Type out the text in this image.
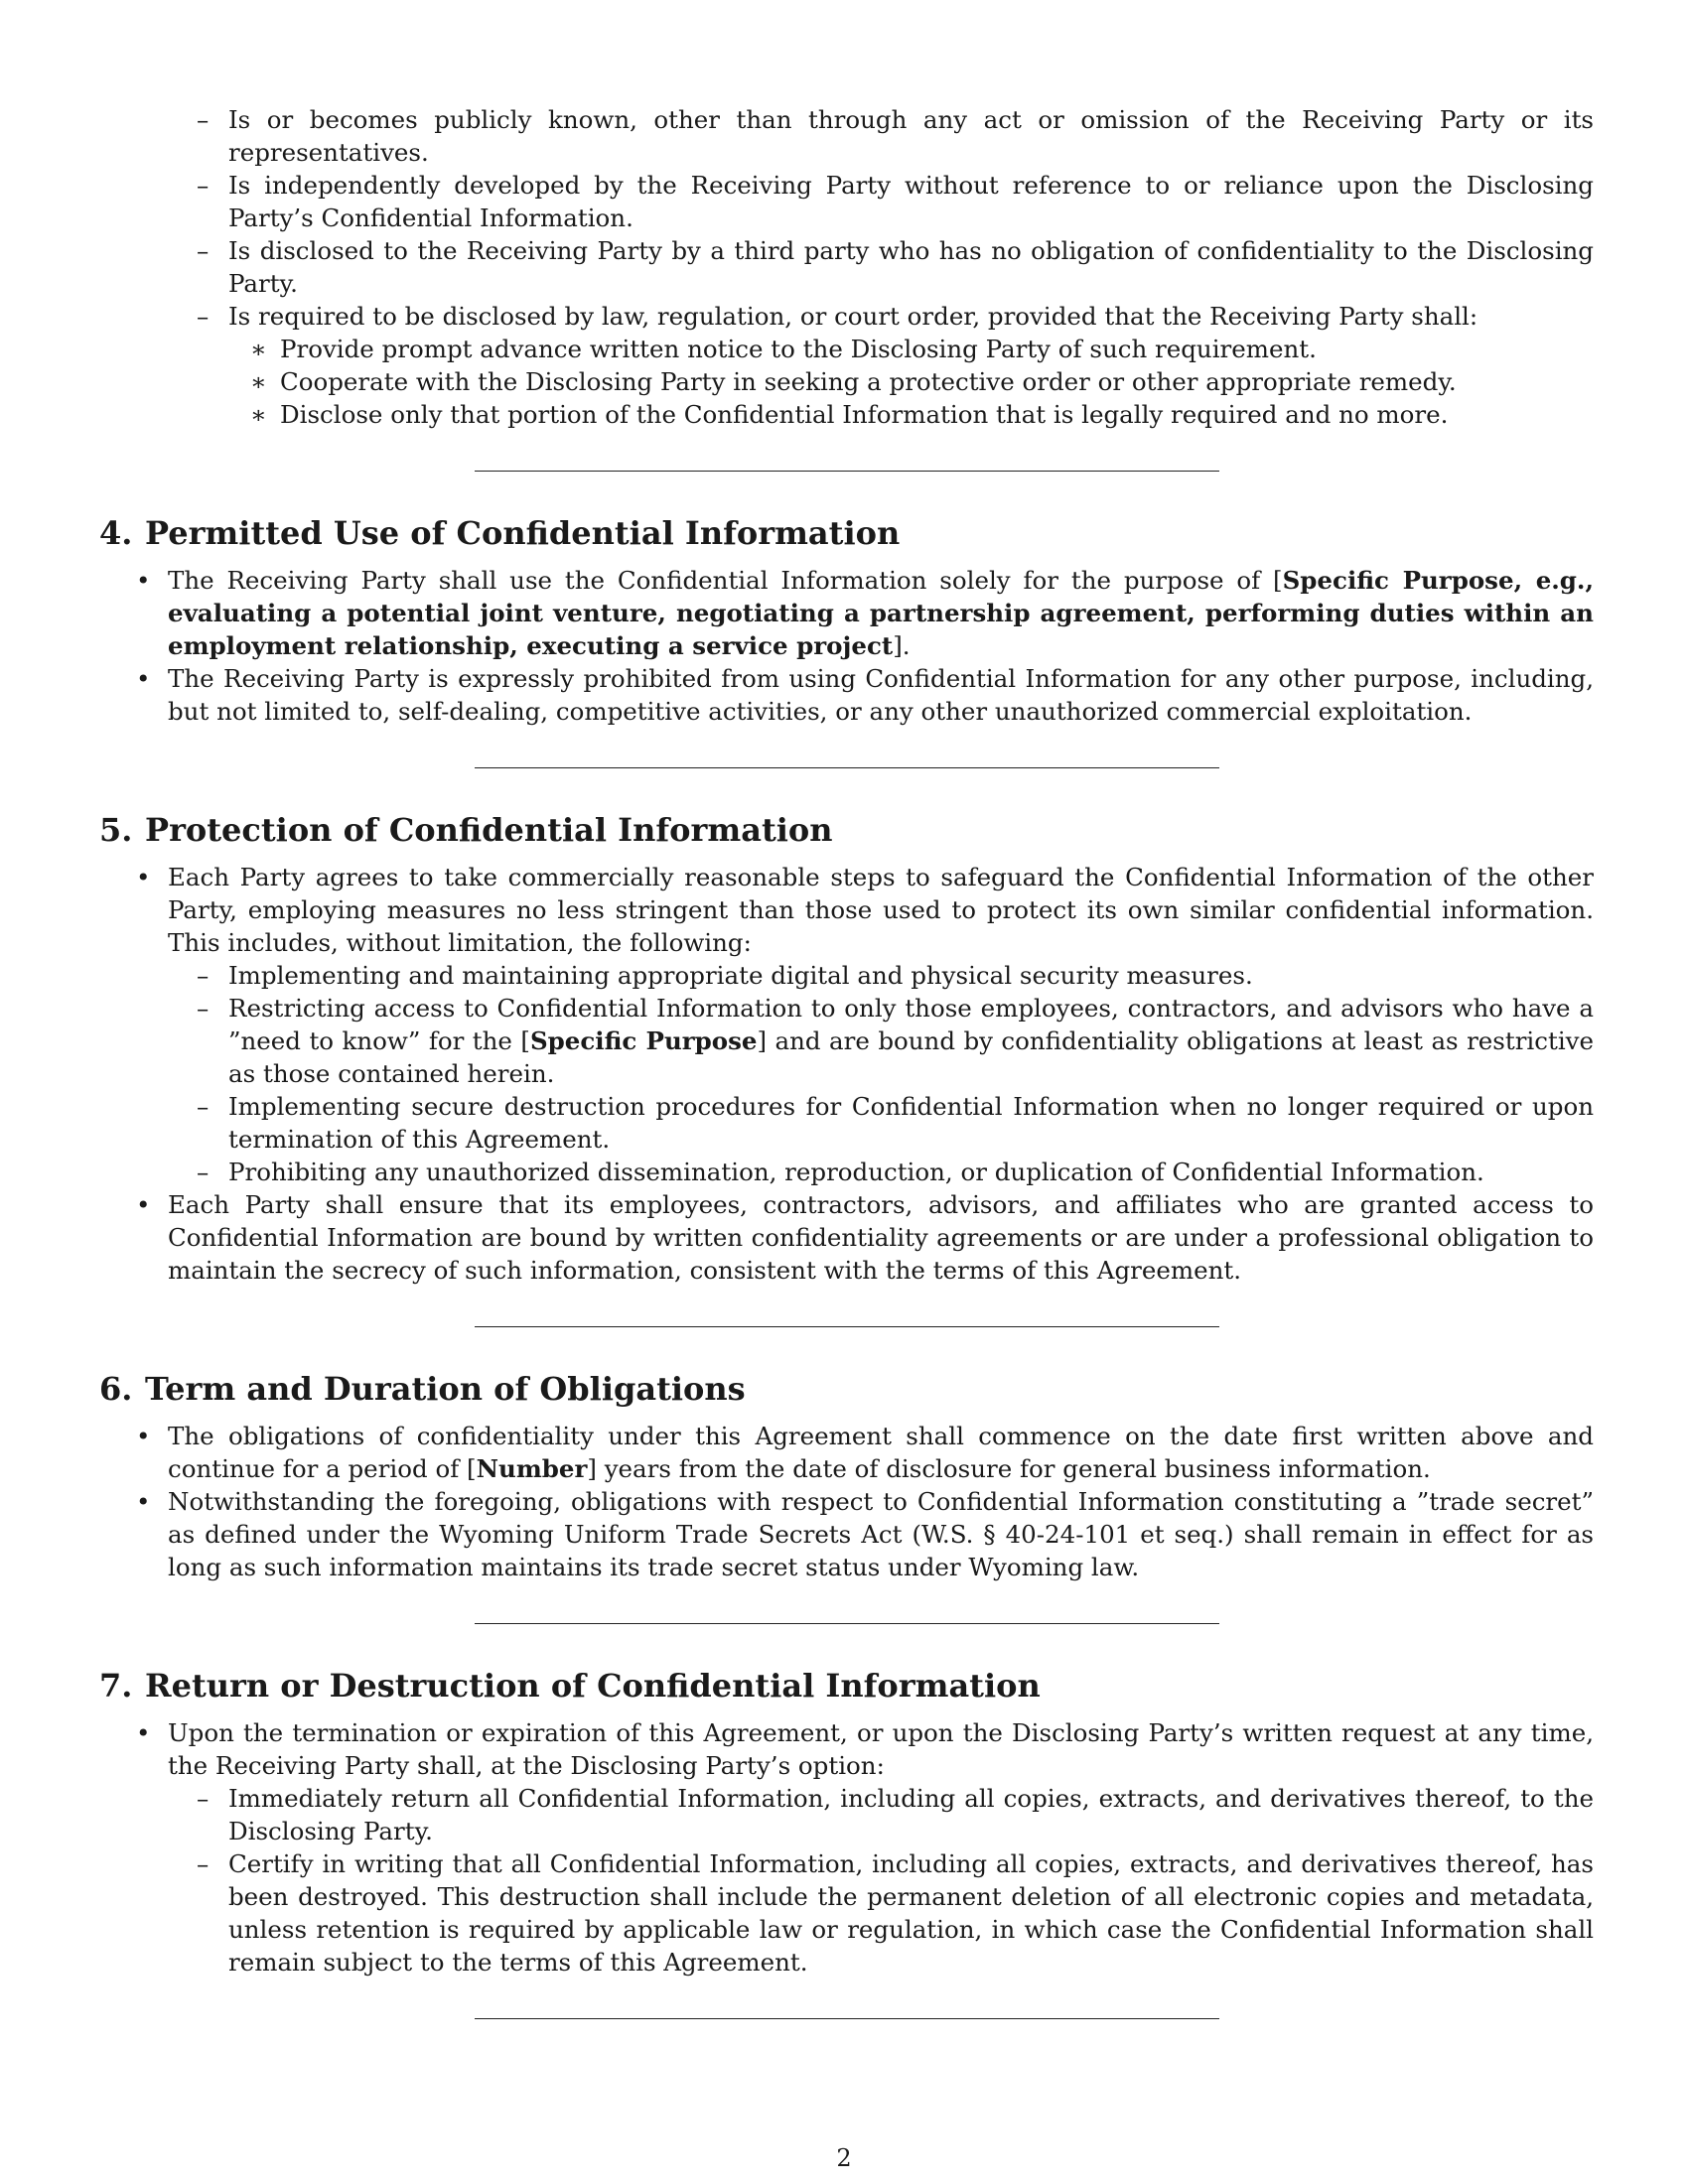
– Is or becomes publicly known, other than through any act or omission of the Receiving Party or its representatives.
– Is independently developed by the Receiving Party without reference to or reliance upon the Disclosing Party’s Confidential Information.
– Is disclosed to the Receiving Party by a third party who has no obligation of confidentiality to the Disclosing Party.
– Is required to be disclosed by law, regulation, or court order, provided that the Receiving Party shall:
∗ Provide prompt advance written notice to the Disclosing Party of such requirement.
∗ Cooperate with the Disclosing Party in seeking a protective order or other appropriate remedy.
∗ Disclose only that portion of the Confidential Information that is legally required and no more.
4. Permitted Use of Confidential Information
• The Receiving Party shall use the Confidential Information solely for the purpose of [Specific Purpose, e.g., evaluating a potential joint venture, negotiating a partnership agreement, performing duties within an employment relationship, executing a service project].
• The Receiving Party is expressly prohibited from using Confidential Information for any other purpose, including, but not limited to, self-dealing, competitive activities, or any other unauthorized commercial exploitation.
5. Protection of Confidential Information
• Each Party agrees to take commercially reasonable steps to safeguard the Confidential Information of the other Party, employing measures no less stringent than those used to protect its own similar confidential information. This includes, without limitation, the following:
– Implementing and maintaining appropriate digital and physical security measures.
– Restricting access to Confidential Information to only those employees, contractors, and advisors who have a ”need to know” for the [Specific Purpose] and are bound by confidentiality obligations at least as restrictive as those contained herein.
– Implementing secure destruction procedures for Confidential Information when no longer required or upon termination of this Agreement.
– Prohibiting any unauthorized dissemination, reproduction, or duplication of Confidential Information.
• Each Party shall ensure that its employees, contractors, advisors, and affiliates who are granted access to Confidential Information are bound by written confidentiality agreements or are under a professional obligation to maintain the secrecy of such information, consistent with the terms of this Agreement.
6. Term and Duration of Obligations
• The obligations of confidentiality under this Agreement shall commence on the date first written above and continue for a period of [Number] years from the date of disclosure for general business information.
• Notwithstanding the foregoing, obligations with respect to Confidential Information constituting a ”trade secret” as defined under the Wyoming Uniform Trade Secrets Act (W.S. § 40-24-101 et seq.) shall remain in effect for as long as such information maintains its trade secret status under Wyoming law.
7. Return or Destruction of Confidential Information
• Upon the termination or expiration of this Agreement, or upon the Disclosing Party’s written request at any time, the Receiving Party shall, at the Disclosing Party’s option:
– Immediately return all Confidential Information, including all copies, extracts, and derivatives thereof, to the Disclosing Party.
– Certify in writing that all Confidential Information, including all copies, extracts, and derivatives thereof, has been destroyed. This destruction shall include the permanent deletion of all electronic copies and metadata, unless retention is required by applicable law or regulation, in which case the Confidential Information shall remain subject to the terms of this Agreement.
2
